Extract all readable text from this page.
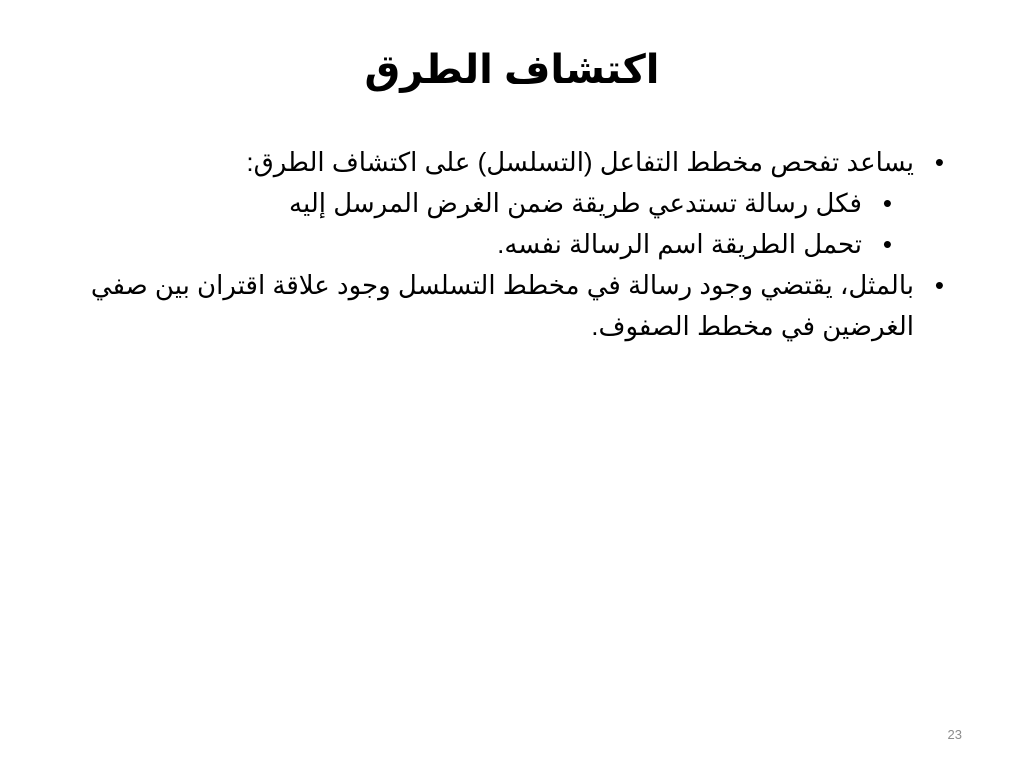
اكتشاف الطرق
•
يساعد تفحص مخطط التفاعل (التسلسل) على اكتشاف الطرق:
•
فكل رسالة تستدعي طريقة ضمن الغرض المرسل إليه
•
تحمل الطريقة اسم الرسالة نفسه.
•
بالمثل، يقتضي وجود رسالة في مخطط التسلسل وجود علاقة اقتران بين صفي الغرضين في مخطط الصفوف.
23
